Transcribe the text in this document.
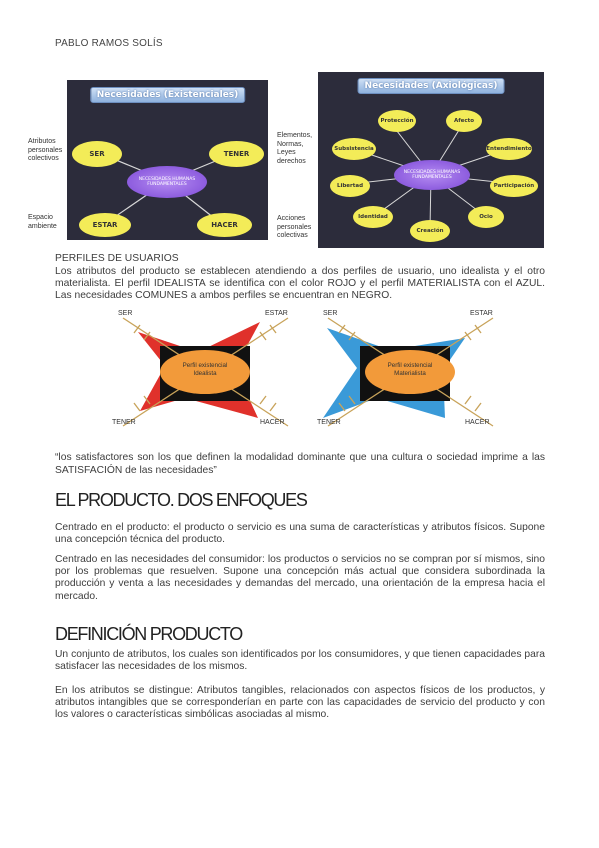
PABLO RAMOS SOLÍS
Atributos personales colectivos
Espacio ambiente
Necesidades (Existenciales)
SER	TENER
ESTAR	HACER
NECESIDADES HUMANAS FUNDAMENTALES
Elementos, Normas, Leyes derechos
Acciones personales colectivas
Necesidades (Axiológicas)
Protección	Afecto
Subsistencia	Entendimiento
Libertad	Participación
Identidad	Ocio
Creación
NECESIDADES HUMANAS FUNDAMENTALES
PERFILES DE USUARIOS
Los atributos del producto se establecen atendiendo a dos perfiles de usuario, uno idealista y el otro materialista. El perfil IDEALISTA se identifica con el color ROJO y el perfil MATERIALISTA con el AZUL. Las necesidades COMUNES a ambos perfiles se encuentran en NEGRO.
Perfil existencial Idealista
SER	ESTAR
TENER	HACER
Perfil existencial Materialista
SER	ESTAR
TENER	HACER
“los satisfactores son los que definen la modalidad dominante que una cultura o sociedad imprime a las SATISFACIÓN de las necesidades”
EL PRODUCTO. DOS ENFOQUES
Centrado en el producto: el producto o servicio es una suma de características y atributos físicos. Supone una concepción técnica del producto.
Centrado en las necesidades del consumidor: los productos o servicios no se compran por sí mismos, sino por los problemas que resuelven. Supone una concepción más actual que considera subordinada la producción y venta a las necesidades y demandas del mercado, una orientación de la empresa hacia el mercado.
DEFINICIÓN PRODUCTO
Un conjunto de atributos, los cuales son identificados por los consumidores, y que tienen capacidades para satisfacer las necesidades de los mismos.
En los atributos se distingue: Atributos tangibles, relacionados con aspectos físicos de los productos, y atributos intangibles que se corresponderían en parte con las capacidades de servicio del producto y con los valores o características simbólicas asociadas al mismo.
